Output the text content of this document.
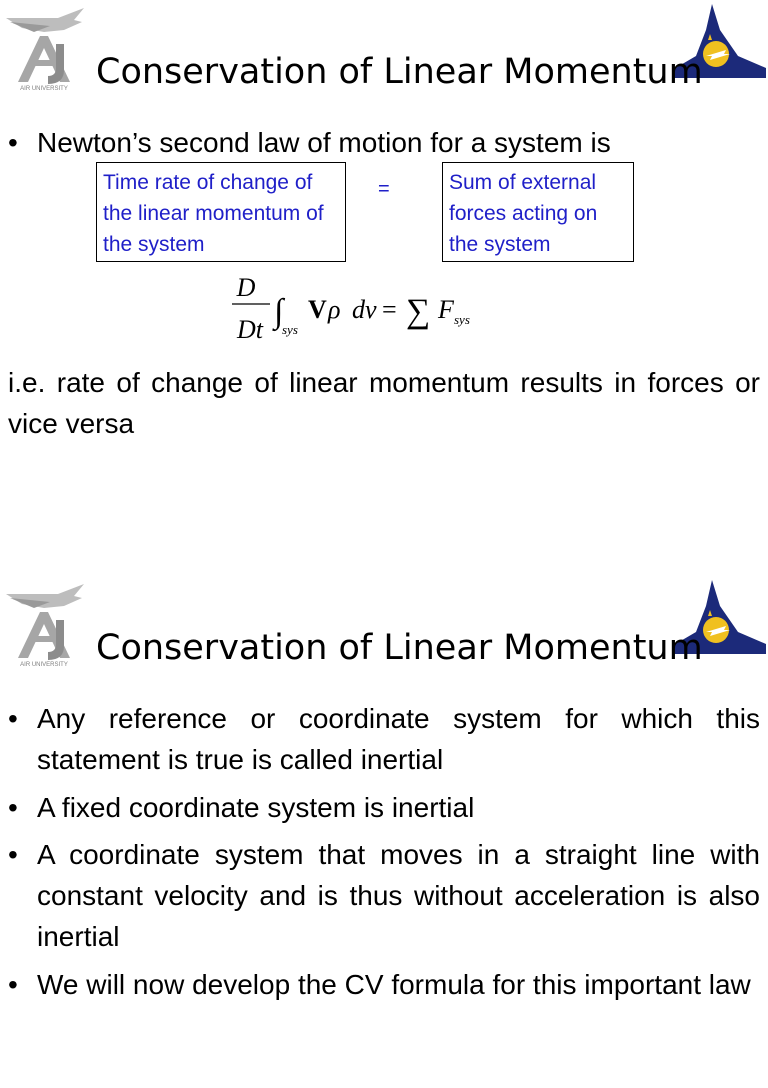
AIR UNIVERSITY Conservation of Linear Momentum
• Newton’s second law of motion for a system is
Time rate of change of the linear momentum of the system
=	Sum of external forces acting on the system
D
Dt ∫
sys
V ρ dv = ∑ F sys
i.e. rate of change of linear momentum results in forces or vice versa
AIR UNIVERSITY Conservation of Linear Momentum
• Any reference or coordinate system for which this statement is true is called inertial
• A fixed coordinate system is inertial
• A coordinate system that moves in a straight line with constant velocity and is thus without acceleration is also inertial
• We will now develop the CV formula for this important law
